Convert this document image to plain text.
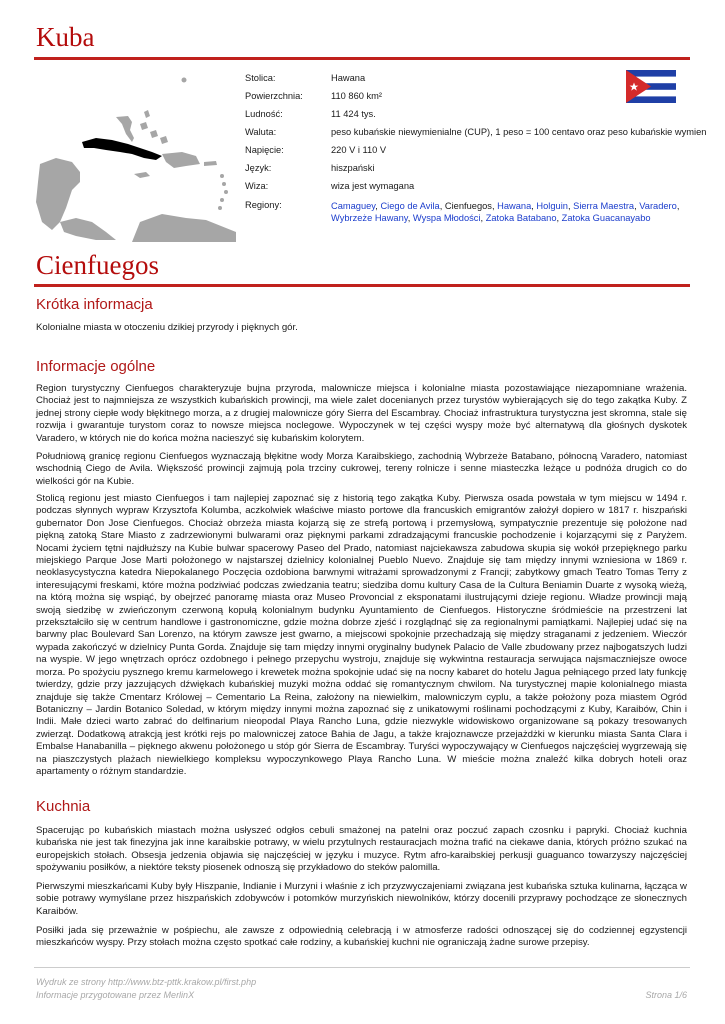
Kuba
Stolica:	Hawana
Powierzchnia:	110 860 km²
Ludność:	11 424 tys.
Waluta:	peso kubańskie niewymienialne (CUP), 1 peso = 100 centavo oraz peso kubańskie wymien
Napięcie:	220 V i 110 V
Język:	hiszpański
Wiza:	wiza jest wymagana
Regiony:	Camaguey, Ciego de Avila, Cienfuegos, Hawana, Holguin, Sierra Maestra, Varadero, Wybrzeże Hawany, Wyspa Młodości, Zatoka Batabano, Zatoka Guacanayabo
Cienfuegos
Krótka informacja

Kolonialne miasta w otoczeniu dzikiej przyrody i pięknych gór.

Informacje ogólne

Region turystyczny Cienfuegos charakteryzuje bujna przyroda, malownicze miejsca i kolonialne miasta pozostawiające niezapomniane wrażenia. Chociaż jest to najmniejsza ze wszystkich kubańskich prowincji, ma wiele zalet docenianych przez turystów wybierających się do tego zakątka Kuby. Z jednej strony ciepłe wody błękitnego morza, a z drugiej malownicze góry Sierra del Escambray. Chociaż infrastruktura turystyczna jest skromna, stale się rozwija i gwarantuje turystom coraz to nowsze miejsca noclegowe. Wypoczynek w tej części wyspy może być alternatywą dla głośnych dyskotek Varadero, w których nie do końca można nacieszyć się kubańskim kolorytem.

Południową granicę regionu Cienfuegos wyznaczają błękitne wody Morza Karaibskiego, zachodnią Wybrzeże Batabano, północną Varadero, natomiast wschodnią Ciego de Avila. Większość prowincji zajmują pola trzciny cukrowej, tereny rolnicze i senne miasteczka leżące u podnóża drugich co do wielkości gór na Kubie.

Stolicą regionu jest miasto Cienfuegos i tam najlepiej zapoznać się z historią tego zakątka Kuby. Pierwsza osada powstała w tym miejscu w 1494 r. podczas słynnych wypraw Krzysztofa Kolumba, aczkolwiek właściwe miasto portowe dla francuskich emigrantów założył dopiero w 1817 r. hiszpański gubernator Don Jose Cienfuegos. Chociaż obrzeża miasta kojarzą się ze strefą portową i przemysłową, sympatycznie prezentuje się położone nad piękną zatoką Stare Miasto z zadrzewionymi bulwarami oraz pięknymi parkami zdradzającymi francuskie pochodzenie i kojarzącymi się z Paryżem. Nocami życiem tętni najdłuższy na Kubie bulwar spacerowy Paseo del Prado, natomiast najciekawsza zabudowa skupia się wokół przepięknego parku miejskiego Parque Jose Marti położonego w najstarszej dzielnicy kolonialnej Pueblo Nuevo. Znajduje się tam między innymi wzniesiona w 1869 r. neoklasycystyczna katedra Niepokalanego Poczęcia ozdobiona barwnymi witrażami sprowadzonymi z Francji; zabytkowy gmach Teatro Tomas Terry z interesującymi freskami, które można podziwiać podczas zwiedzania teatru; siedziba domu kultury Casa de la Cultura Beniamin Duarte z wysoką wieżą, na którą można się wspiąć, by obejrzeć panoramę miasta oraz Museo Provoncial z eksponatami ilustrującymi dzieje regionu. Władze prowincji mają swoją siedzibę w zwieńczonym czerwoną kopułą kolonialnym budynku Ayuntamiento de Cienfuegos. Historyczne śródmieście na przestrzeni lat przekształciło się w centrum handlowe i gastronomiczne, gdzie można dobrze zjeść i rozglądnąć się za regionalnymi pamiątkami. Najlepiej udać się na barwny plac Boulevard San Lorenzo, na którym zawsze jest gwarno, a miejscowi spokojnie przechadzają się między straganami z jedzeniem. Wieczór wypada zakończyć w dzielnicy Punta Gorda. Znajduje się tam między innymi oryginalny budynek Palacio de Valle zbudowany przez najbogatszych ludzi na wyspie. W jego wnętrzach oprócz ozdobnego i pełnego przepychu wystroju, znajduje się wykwintna restauracja serwująca najsmaczniejsze owoce morza. Po spożyciu pysznego kremu karmelowego i krewetek można spokojnie udać się na nocny kabaret do hotelu Jagua pełniącego przed laty funkcję twierdzy, gdzie przy jazzujących dźwiękach kubańskiej muzyki można oddać się romantycznym chwilom. Na turystycznej mapie kolonialnego miasta znajduje się także Cmentarz Królowej – Cementario La Reina, założony na niewielkim, malowniczym cyplu, a także położony poza miastem Ogród Botaniczny – Jardin Botanico Soledad, w którym między innymi można zapoznać się z unikatowymi roślinami pochodzącymi z Kuby, Karaibów, Chin i Indii. Małe dzieci warto zabrać do delfinarium nieopodal Playa Rancho Luna, gdzie niezwykle widowiskowo organizowane są pokazy tresowanych zwierząt. Dodatkową atrakcją jest krótki rejs po malowniczej zatoce Bahia de Jagu, a także krajoznawcze przejażdżki w kierunku miasta Santa Clara i Embalse Hanabanilla – pięknego akwenu położonego u stóp gór Sierra de Escambray. Turyści wypoczywający w Cienfuegos najczęściej wygrzewają się na piaszczystych plażach niewielkiego kompleksu wypoczynkowego Playa Rancho Luna. W mieście można znaleźć kilka dobrych hoteli oraz apartamenty o różnym standardzie.

Kuchnia

Spacerując po kubańskich miastach można usłyszeć odgłos cebuli smażonej na patelni oraz poczuć zapach czosnku i papryki. Chociaż kuchnia kubańska nie jest tak finezyjna jak inne karaibskie potrawy, w wielu przytulnych restauracjach można trafić na ciekawe dania, których próżno szukać na europejskich stołach. Obsesja jedzenia objawia się najczęściej w języku i muzyce. Rytm afro-karaibskiej perkusji guaguanco towarzyszy najczęściej spożywaniu posiłków, a niektóre teksty piosenek odnoszą się przykładowo do steków palomilla.

Pierwszymi mieszkańcami Kuby były Hiszpanie, Indianie i Murzyni i właśnie z ich przyzwyczajeniami związana jest kubańska sztuka kulinarna, łącząca w sobie potrawy wymyślane przez hiszpańskich zdobywców i potomków murzyńskich niewolników, którzy docenili przyprawy pochodzące ze słonecznych Karaibów.

Posiłki jada się przeważnie w pośpiechu, ale zawsze z odpowiednią celebracją i w atmosferze radości odnoszącej się do codziennej egzystencji mieszkańców wyspy. Przy stołach można często spotkać całe rodziny, a kubańskiej kuchni nie ograniczają żadne surowe przepisy.

Wydruk ze strony http://www.btz-pttk.krakow.pl/first.php
Informacje przygotowane przez MerlinX	Strona 1/6
